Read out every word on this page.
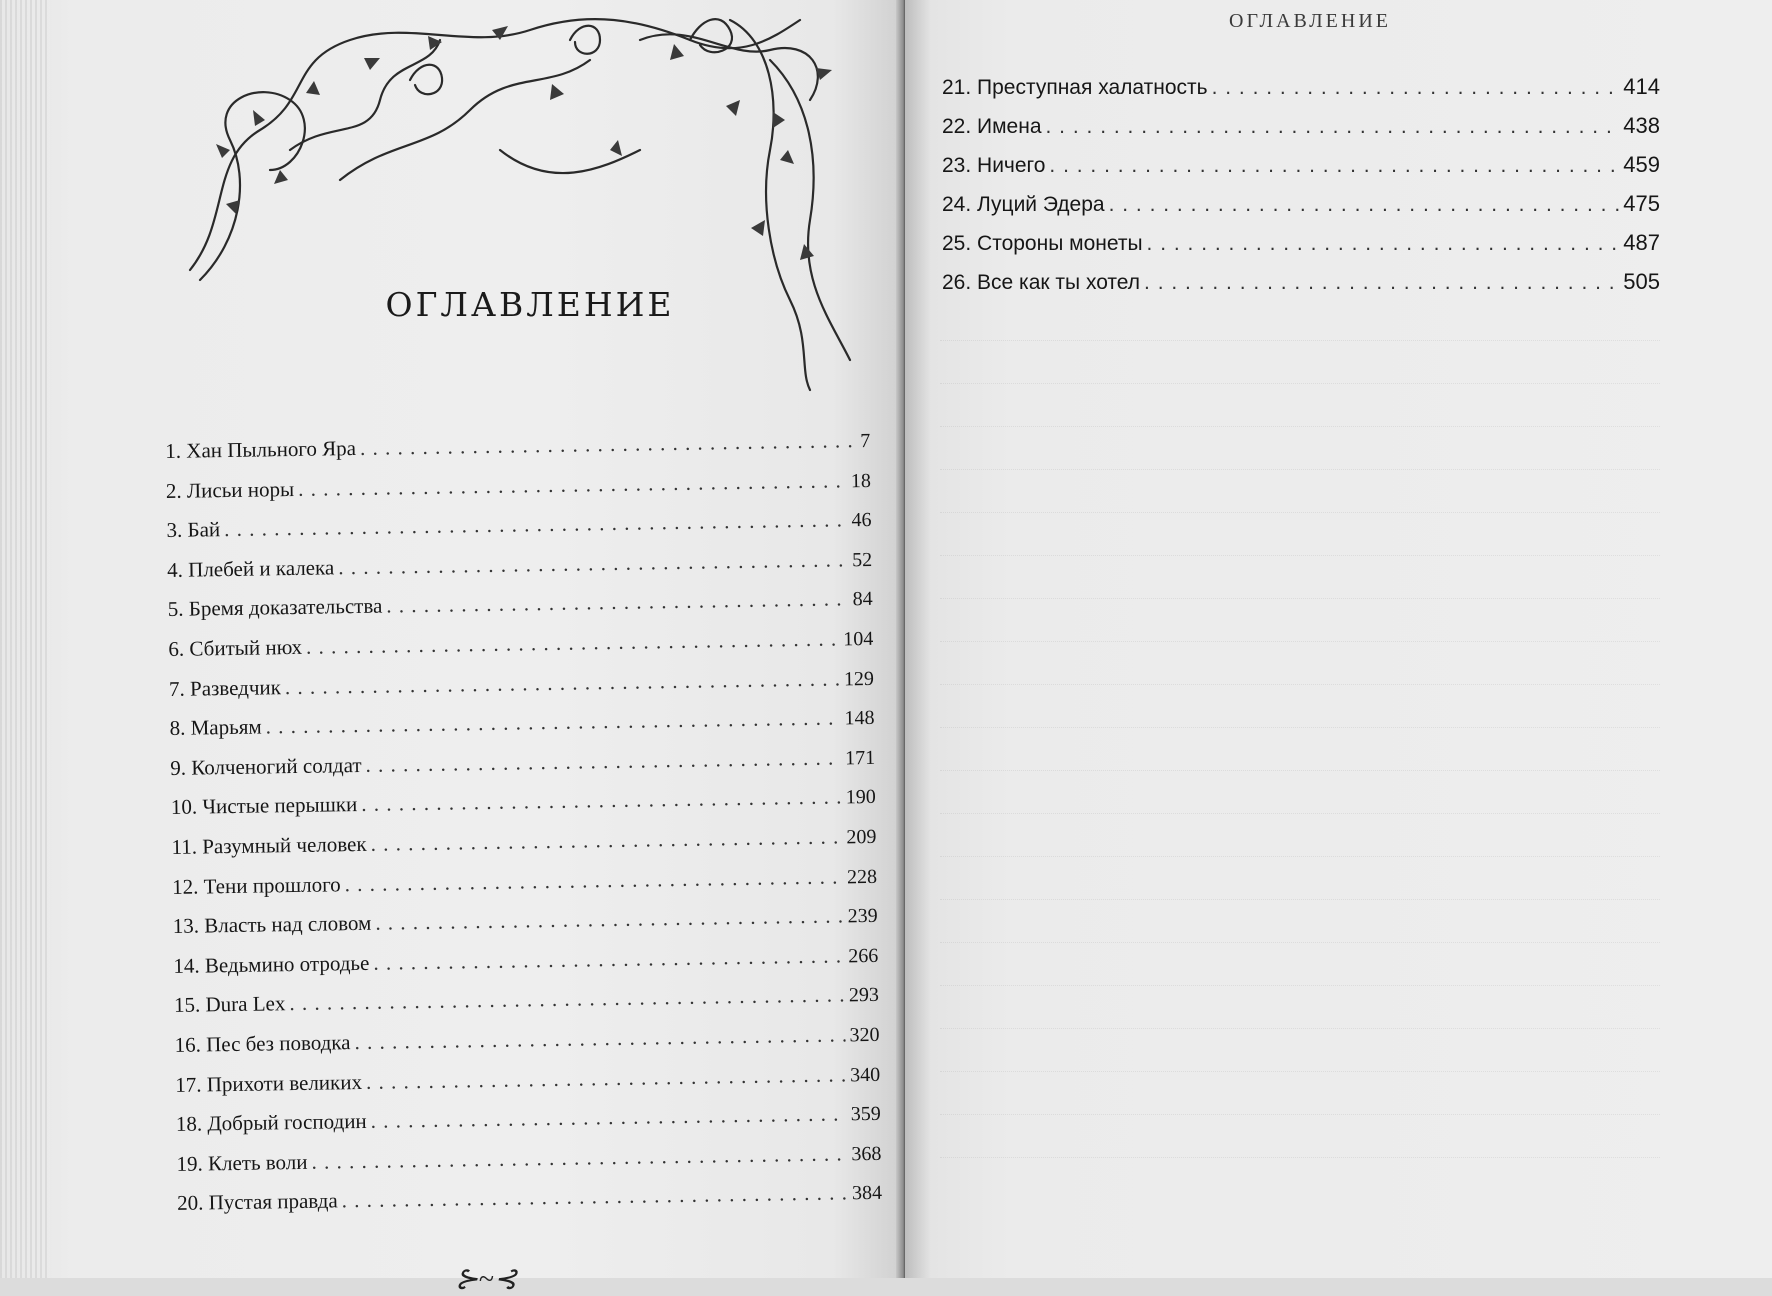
ОГЛАВЛЕНИЕ
1. Хан Пыльного Яра . . .	7
2. Лисьи норы . . .	18
3. Бай . . .	46
4. Плебей и калека . . .	52
5. Бремя доказательства . . .	84
6. Сбитый нюх . . .	104
7. Разведчик . . .	129
8. Марьям . . .	148
9. Колченогий солдат . . .	171
10. Чистые перышки . . .	190
11. Разумный человек . . .	209
12. Тени прошлого . . .	228
13. Власть над словом . . .	239
14. Ведьмино отродье . . .	266
15. Dura Lex . . .	293
16. Пес без поводка . . .	320
17. Прихоти великих . . .	340
18. Добрый господин . . .	359
19. Клеть воли . . .	368
20. Пустая правда . . .	384
⊱~⊰
ОГЛАВЛЕНИЕ
21. Преступная халатность . . .	414
22. Имена . . .	438
23. Ничего . . .	459
24. Луций Эдера . . .	475
25. Стороны монеты . . .	487
26. Все как ты хотел . . .	505
